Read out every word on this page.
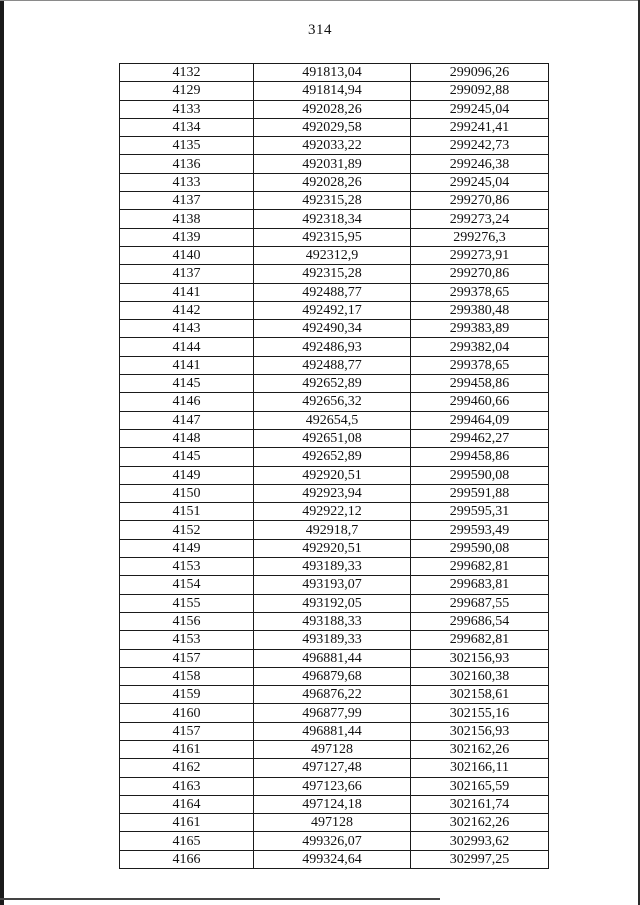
314
4132	491813,04	299096,26
4129	491814,94	299092,88
4133	492028,26	299245,04
4134	492029,58	299241,41
4135	492033,22	299242,73
4136	492031,89	299246,38
4133	492028,26	299245,04
4137	492315,28	299270,86
4138	492318,34	299273,24
4139	492315,95	299276,3
4140	492312,9	299273,91
4137	492315,28	299270,86
4141	492488,77	299378,65
4142	492492,17	299380,48
4143	492490,34	299383,89
4144	492486,93	299382,04
4141	492488,77	299378,65
4145	492652,89	299458,86
4146	492656,32	299460,66
4147	492654,5	299464,09
4148	492651,08	299462,27
4145	492652,89	299458,86
4149	492920,51	299590,08
4150	492923,94	299591,88
4151	492922,12	299595,31
4152	492918,7	299593,49
4149	492920,51	299590,08
4153	493189,33	299682,81
4154	493193,07	299683,81
4155	493192,05	299687,55
4156	493188,33	299686,54
4153	493189,33	299682,81
4157	496881,44	302156,93
4158	496879,68	302160,38
4159	496876,22	302158,61
4160	496877,99	302155,16
4157	496881,44	302156,93
4161	497128	302162,26
4162	497127,48	302166,11
4163	497123,66	302165,59
4164	497124,18	302161,74
4161	497128	302162,26
4165	499326,07	302993,62
4166	499324,64	302997,25
